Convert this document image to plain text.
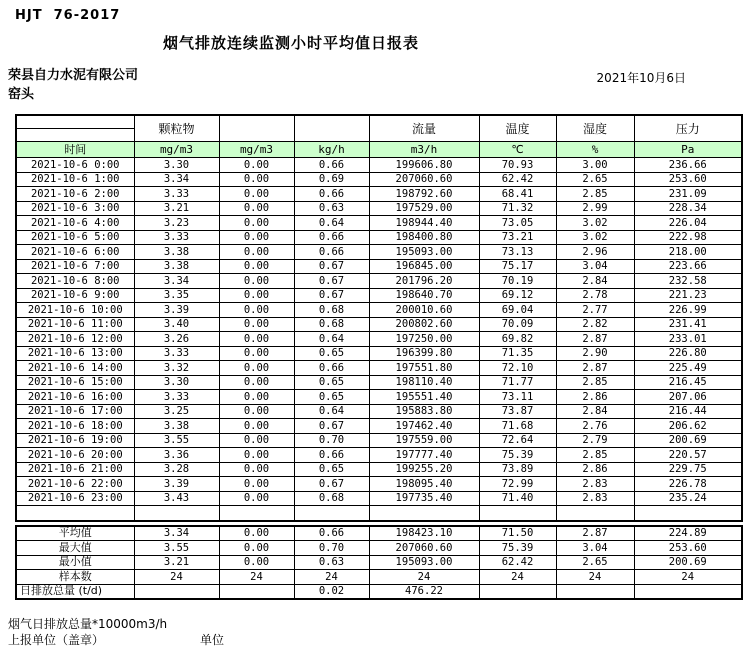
HJT  76-2017
烟气排放连续监测小时平均值日报表
荣县自力水泥有限公司
窑头
2021年10月6日
	颗粒物			流量	温度	湿度	压力

时间	mg/m3	mg/m3	kg/h	m3/h	℃	%	Pa
2021-10-6 0:00	3.30	0.00	0.66	199606.80	70.93	3.00	236.66
2021-10-6 1:00	3.34	0.00	0.69	207060.60	62.42	2.65	253.60
2021-10-6 2:00	3.33	0.00	0.66	198792.60	68.41	2.85	231.09
2021-10-6 3:00	3.21	0.00	0.63	197529.00	71.32	2.99	228.34
2021-10-6 4:00	3.23	0.00	0.64	198944.40	73.05	3.02	226.04
2021-10-6 5:00	3.33	0.00	0.66	198400.80	73.21	3.02	222.98
2021-10-6 6:00	3.38	0.00	0.66	195093.00	73.13	2.96	218.00
2021-10-6 7:00	3.38	0.00	0.67	196845.00	75.17	3.04	223.66
2021-10-6 8:00	3.34	0.00	0.67	201796.20	70.19	2.84	232.58
2021-10-6 9:00	3.35	0.00	0.67	198640.70	69.12	2.78	221.23
2021-10-6 10:00	3.39	0.00	0.68	200010.60	69.04	2.77	226.99
2021-10-6 11:00	3.40	0.00	0.68	200802.60	70.09	2.82	231.41
2021-10-6 12:00	3.26	0.00	0.64	197250.00	69.82	2.87	233.01
2021-10-6 13:00	3.33	0.00	0.65	196399.80	71.35	2.90	226.80
2021-10-6 14:00	3.32	0.00	0.66	197551.80	72.10	2.87	225.49
2021-10-6 15:00	3.30	0.00	0.65	198110.40	71.77	2.85	216.45
2021-10-6 16:00	3.33	0.00	0.65	195551.40	73.11	2.86	207.06
2021-10-6 17:00	3.25	0.00	0.64	195883.80	73.87	2.84	216.44
2021-10-6 18:00	3.38	0.00	0.67	197462.40	71.68	2.76	206.62
2021-10-6 19:00	3.55	0.00	0.70	197559.00	72.64	2.79	200.69
2021-10-6 20:00	3.36	0.00	0.66	197777.40	75.39	2.85	220.57
2021-10-6 21:00	3.28	0.00	0.65	199255.20	73.89	2.86	229.75
2021-10-6 22:00	3.39	0.00	0.67	198095.40	72.99	2.83	226.78
2021-10-6 23:00	3.43	0.00	0.68	197735.40	71.40	2.83	235.24

平均值	3.34	0.00	0.66	198423.10	71.50	2.87	224.89
最大值	3.55	0.00	0.70	207060.60	75.39	3.04	253.60
最小值	3.21	0.00	0.63	195093.00	62.42	2.65	200.69
样本数	24	24	24	24	24	24	24
日排放总量 (t/d)			0.02	476.22			
烟气日排放总量*10000m3/h
上报单位（盖章）	单位
